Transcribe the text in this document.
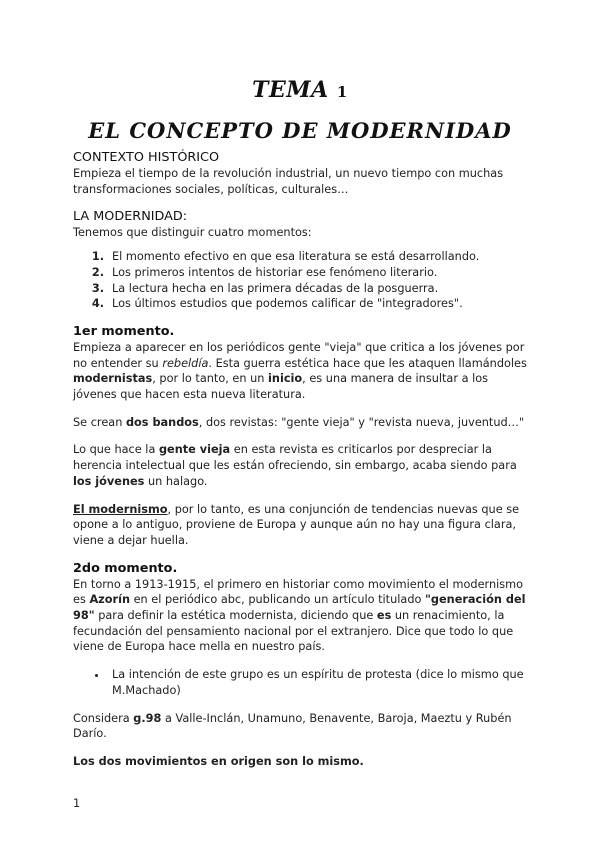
TEMA 1
EL CONCEPTO DE MODERNIDAD
CONTEXTO HISTÓRICO

Empieza el tiempo de la revolución industrial, un nuevo tiempo con muchas transformaciones sociales, políticas, culturales…

LA MODERNIDAD:

Tenemos que distinguir cuatro momentos:

1. El momento efectivo en que esa literatura se está desarrollando.
2. Los primeros intentos de historiar ese fenómeno literario.
3. La lectura hecha en las primera décadas de la posguerra.
4. Los últimos estudios que podemos calificar de "integradores".
1er momento.

Empieza a aparecer en los periódicos gente "vieja" que critica a los jóvenes por no entender su rebeldía. Esta guerra estética hace que les ataquen llamándoles modernistas, por lo tanto, en un inicio, es una manera de insultar a los jóvenes que hacen esta nueva literatura.

Se crean dos bandos, dos revistas: "gente vieja" y "revista nueva, juventud…"

Lo que hace la gente vieja en esta revista es criticarlos por despreciar la herencia intelectual que les están ofreciendo, sin embargo, acaba siendo para los jóvenes un halago.

El modernismo, por lo tanto, es una conjunción de tendencias nuevas que se opone a lo antiguo, proviene de Europa y aunque aún no hay una figura clara, viene a dejar huella.

2do momento.

En torno a 1913-1915, el primero en historiar como movimiento el modernismo es Azorín en el periódico abc, publicando un artículo titulado "generación del 98" para definir la estética modernista, diciendo que es un renacimiento, la fecundación del pensamiento nacional por el extranjero. Dice que todo lo que viene de Europa hace mella en nuestro país.

• La intención de este grupo es un espíritu de protesta (dice lo mismo que M.Machado)

Considera g.98 a Valle-Inclán, Unamuno, Benavente, Baroja, Maeztu y Rubén Darío.

Los dos movimientos en origen son lo mismo.

1
